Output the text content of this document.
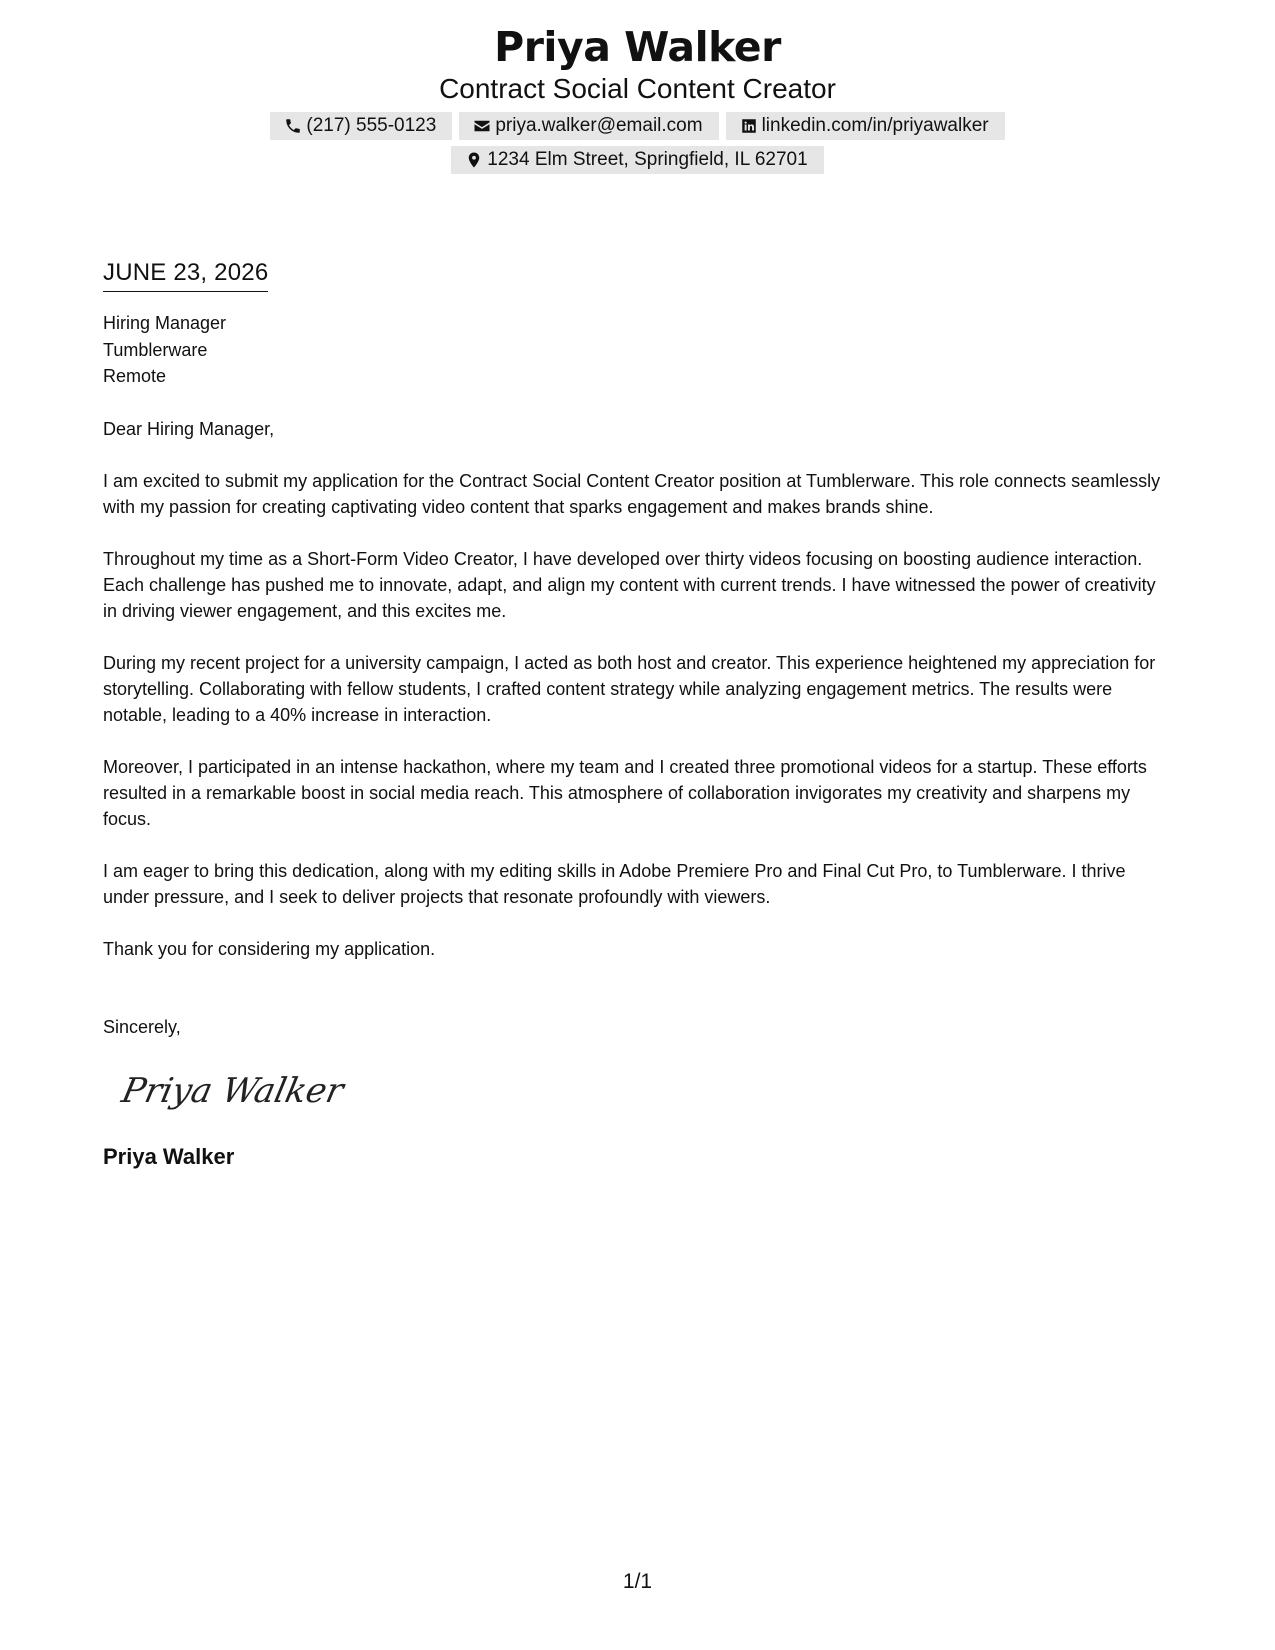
Priya Walker
Contract Social Content Creator
(217) 555-0123	priya.walker@email.com	linkedin.com/in/priyawalker
1234 Elm Street, Springfield, IL 62701
JUNE 23, 2026
Hiring Manager
Tumblerware
Remote

Dear Hiring Manager,

I am excited to submit my application for the Contract Social Content Creator position at Tumblerware. This role connects seamlessly with my passion for creating captivating video content that sparks engagement and makes brands shine.

Throughout my time as a Short-Form Video Creator, I have developed over thirty videos focusing on boosting audience interaction. Each challenge has pushed me to innovate, adapt, and align my content with current trends. I have witnessed the power of creativity in driving viewer engagement, and this excites me.

During my recent project for a university campaign, I acted as both host and creator. This experience heightened my appreciation for storytelling. Collaborating with fellow students, I crafted content strategy while analyzing engagement metrics. The results were notable, leading to a 40% increase in interaction.

Moreover, I participated in an intense hackathon, where my team and I created three promotional videos for a startup. These efforts resulted in a remarkable boost in social media reach. This atmosphere of collaboration invigorates my creativity and sharpens my focus.

I am eager to bring this dedication, along with my editing skills in Adobe Premiere Pro and Final Cut Pro, to Tumblerware. I thrive under pressure, and I seek to deliver projects that resonate profoundly with viewers.

Thank you for considering my application.

Sincerely,

Priya Walker
Priya Walker
1/1
